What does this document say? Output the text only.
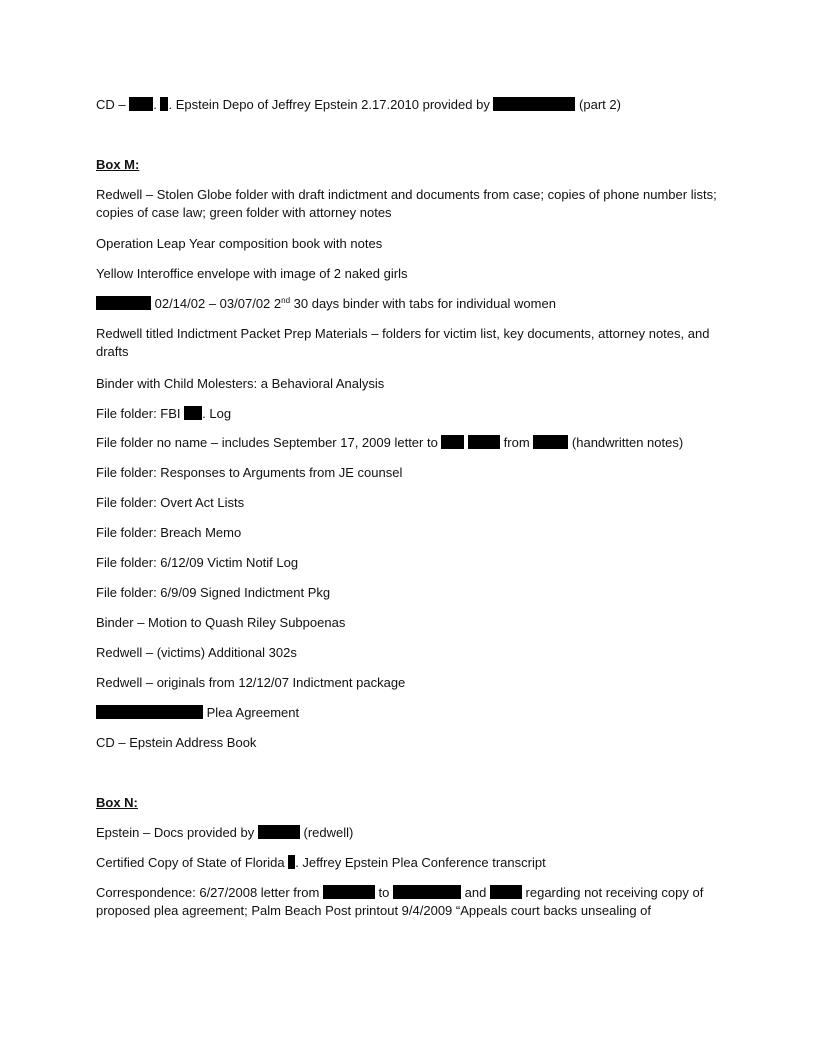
CD – . . Epstein Depo of Jeffrey Epstein 2.17.2010 provided by	(part 2)
Box M:
Redwell – Stolen Globe folder with draft indictment and documents from case; copies of phone number lists; copies of case law; green folder with attorney notes
Operation Leap Year composition book with notes
Yellow Interoffice envelope with image of 2 naked girls
02/14/02 – 03/07/02 2nd 30 days binder with tabs for individual women
Redwell titled Indictment Packet Prep Materials – folders for victim list, key documents, attorney notes, and drafts
Binder with Child Molesters: a Behavioral Analysis
File folder: FBI . Log
File folder no name – includes September 17, 2009 letter to	from	(handwritten notes)
File folder: Responses to Arguments from JE counsel
File folder: Overt Act Lists
File folder: Breach Memo
File folder: 6/12/09 Victim Notif Log
File folder: 6/9/09 Signed Indictment Pkg
Binder – Motion to Quash Riley Subpoenas
Redwell – (victims) Additional 302s
Redwell – originals from 12/12/07 Indictment package
Plea Agreement
CD – Epstein Address Book
Box N:
Epstein – Docs provided by	(redwell)
Certified Copy of State of Florida . Jeffrey Epstein Plea Conference transcript
Correspondence: 6/27/2008 letter from	to	and  regarding not receiving copy of proposed plea agreement; Palm Beach Post printout 9/4/2009 “Appeals court backs unsealing of
